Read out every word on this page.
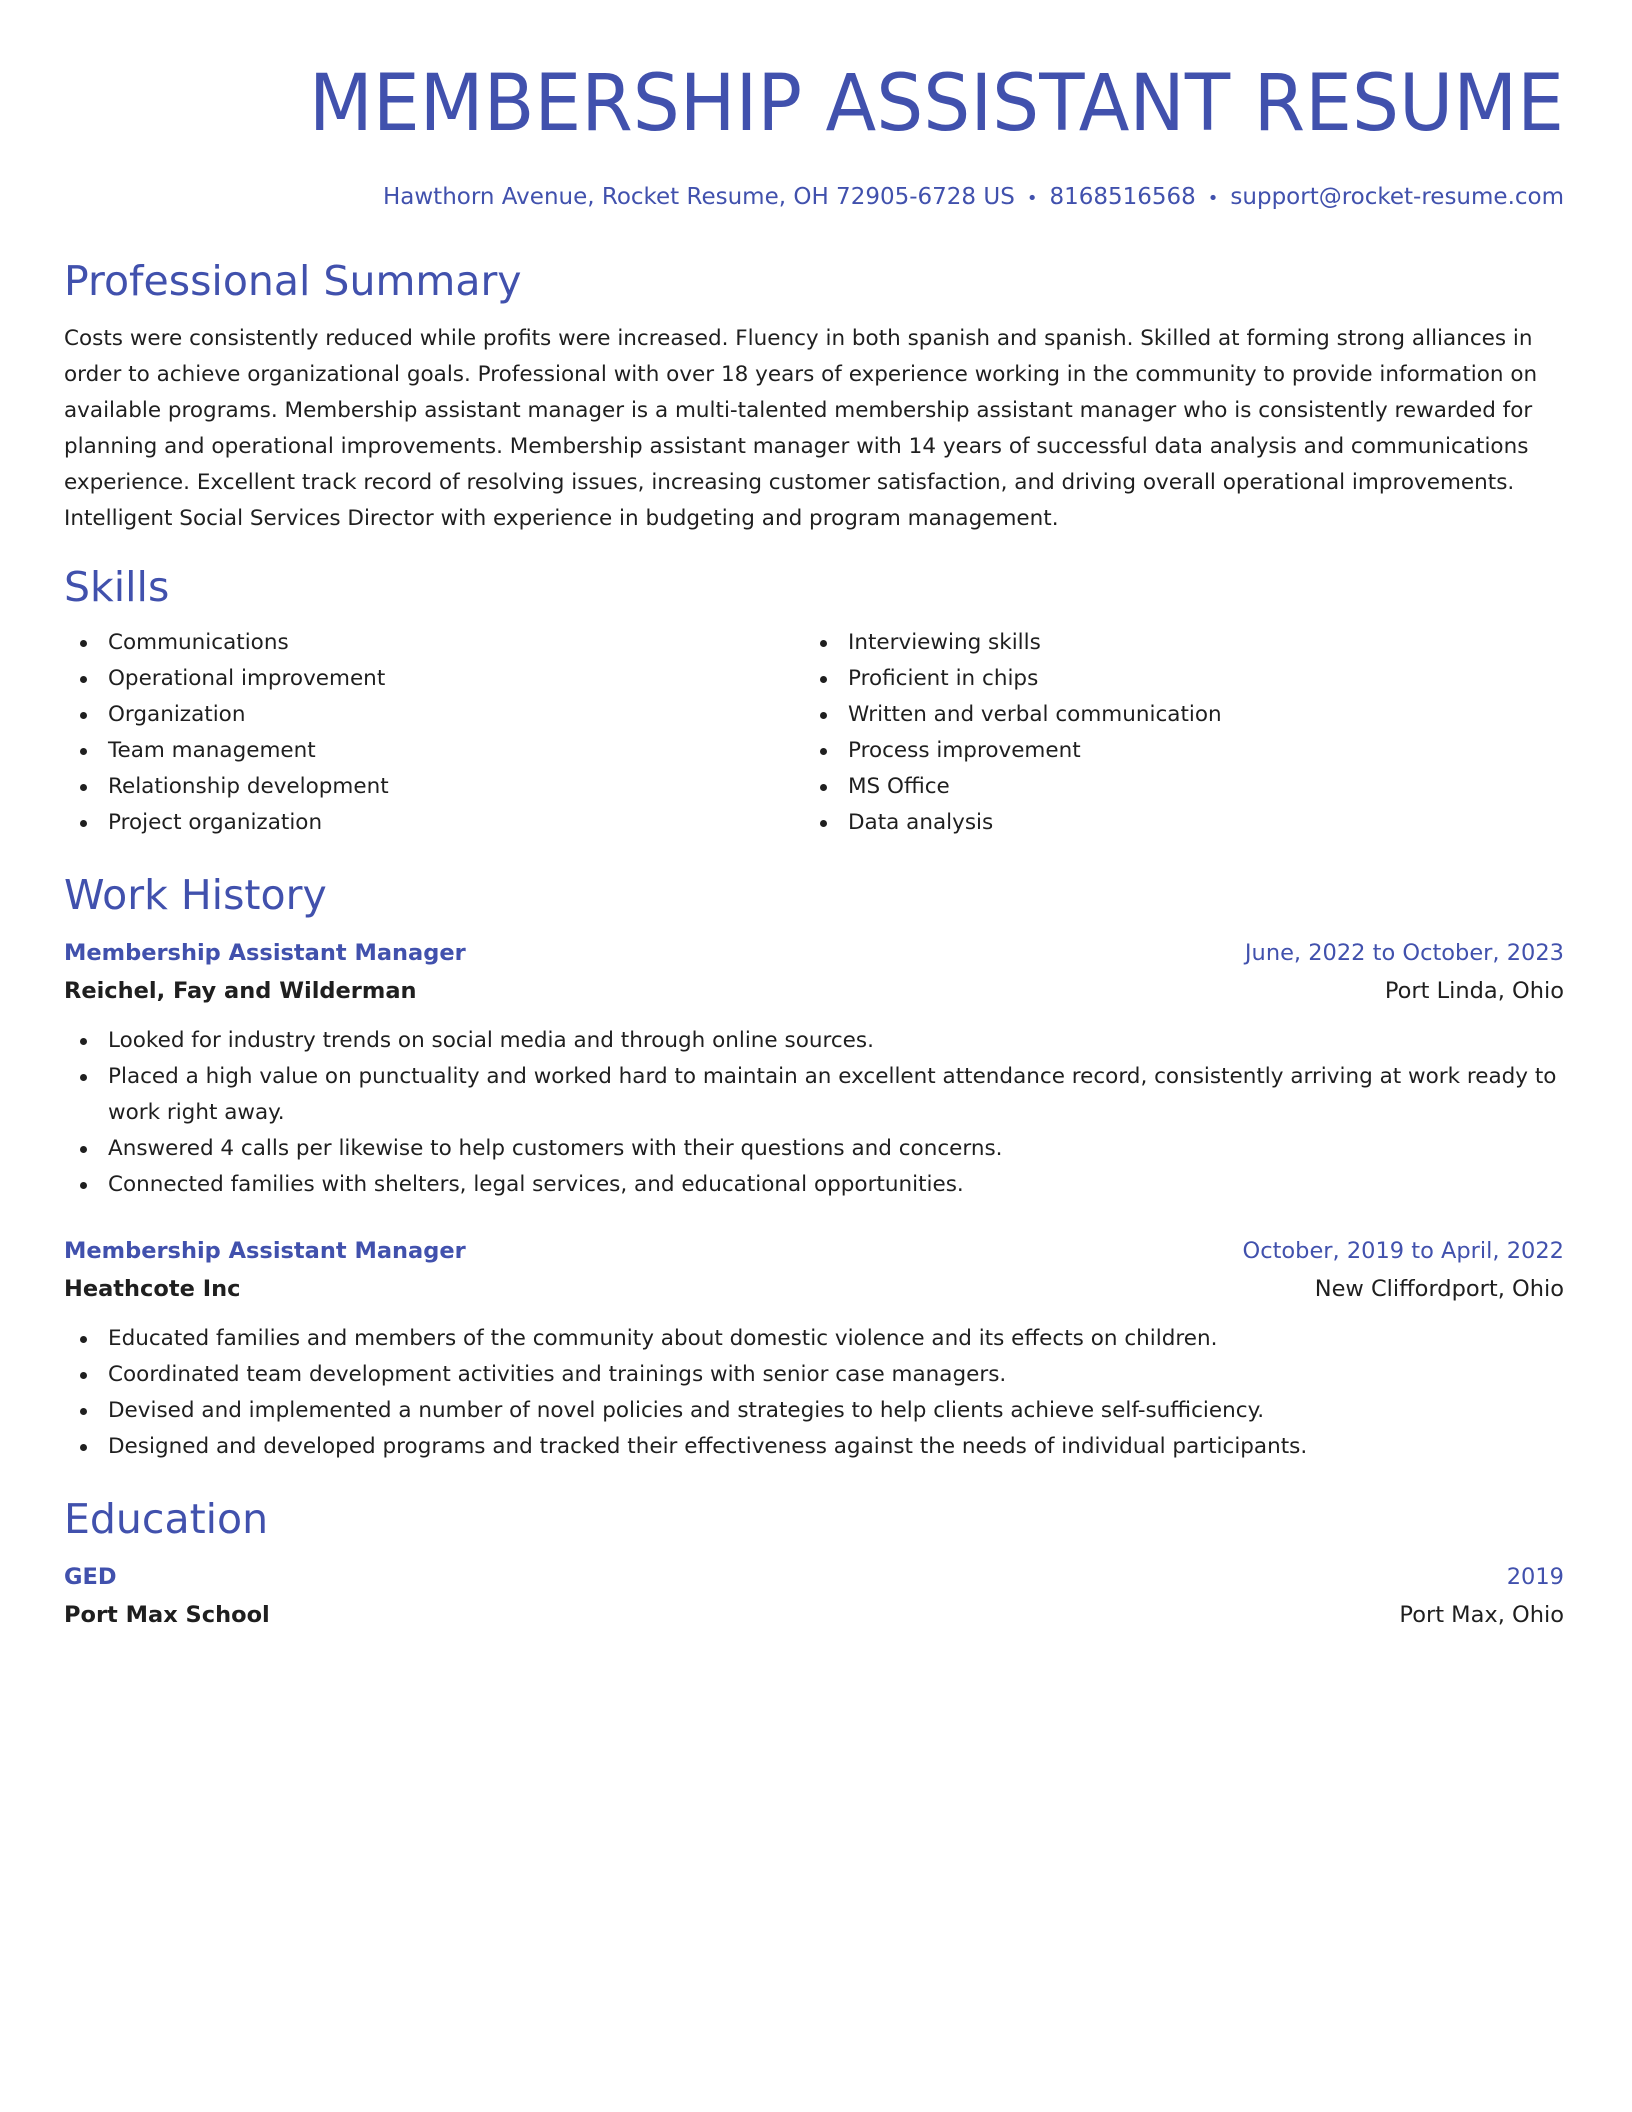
MEMBERSHIP ASSISTANT RESUME
Hawthorn Avenue, Rocket Resume, OH 72905-6728 US • 8168516568 • support@rocket-resume.com
Professional Summary

Costs were consistently reduced while profits were increased. Fluency in both spanish and spanish. Skilled at forming strong alliances in order to achieve organizational goals. Professional with over 18 years of experience working in the community to provide information on available programs. Membership assistant manager is a multi-talented membership assistant manager who is consistently rewarded for planning and operational improvements. Membership assistant manager with 14 years of successful data analysis and communications experience. Excellent track record of resolving issues, increasing customer satisfaction, and driving overall operational improvements. Intelligent Social Services Director with experience in budgeting and program management.

Skills
Communications
Operational improvement
Organization
Team management
Relationship development
Project organization
Interviewing skills
Proficient in chips
Written and verbal communication
Process improvement
MS Office
Data analysis
Work History
Membership Assistant Manager	June, 2022 to October, 2023
Reichel, Fay and Wilderman	Port Linda, Ohio
Looked for industry trends on social media and through online sources.
Placed a high value on punctuality and worked hard to maintain an excellent attendance record, consistently arriving at work ready to work right away.
Answered 4 calls per likewise to help customers with their questions and concerns.
Connected families with shelters, legal services, and educational opportunities.
Membership Assistant Manager	October, 2019 to April, 2022
Heathcote Inc	New Cliffordport, Ohio
Educated families and members of the community about domestic violence and its effects on children.
Coordinated team development activities and trainings with senior case managers.
Devised and implemented a number of novel policies and strategies to help clients achieve self-sufficiency.
Designed and developed programs and tracked their effectiveness against the needs of individual participants.
Education
GED	2019
Port Max School	Port Max, Ohio
